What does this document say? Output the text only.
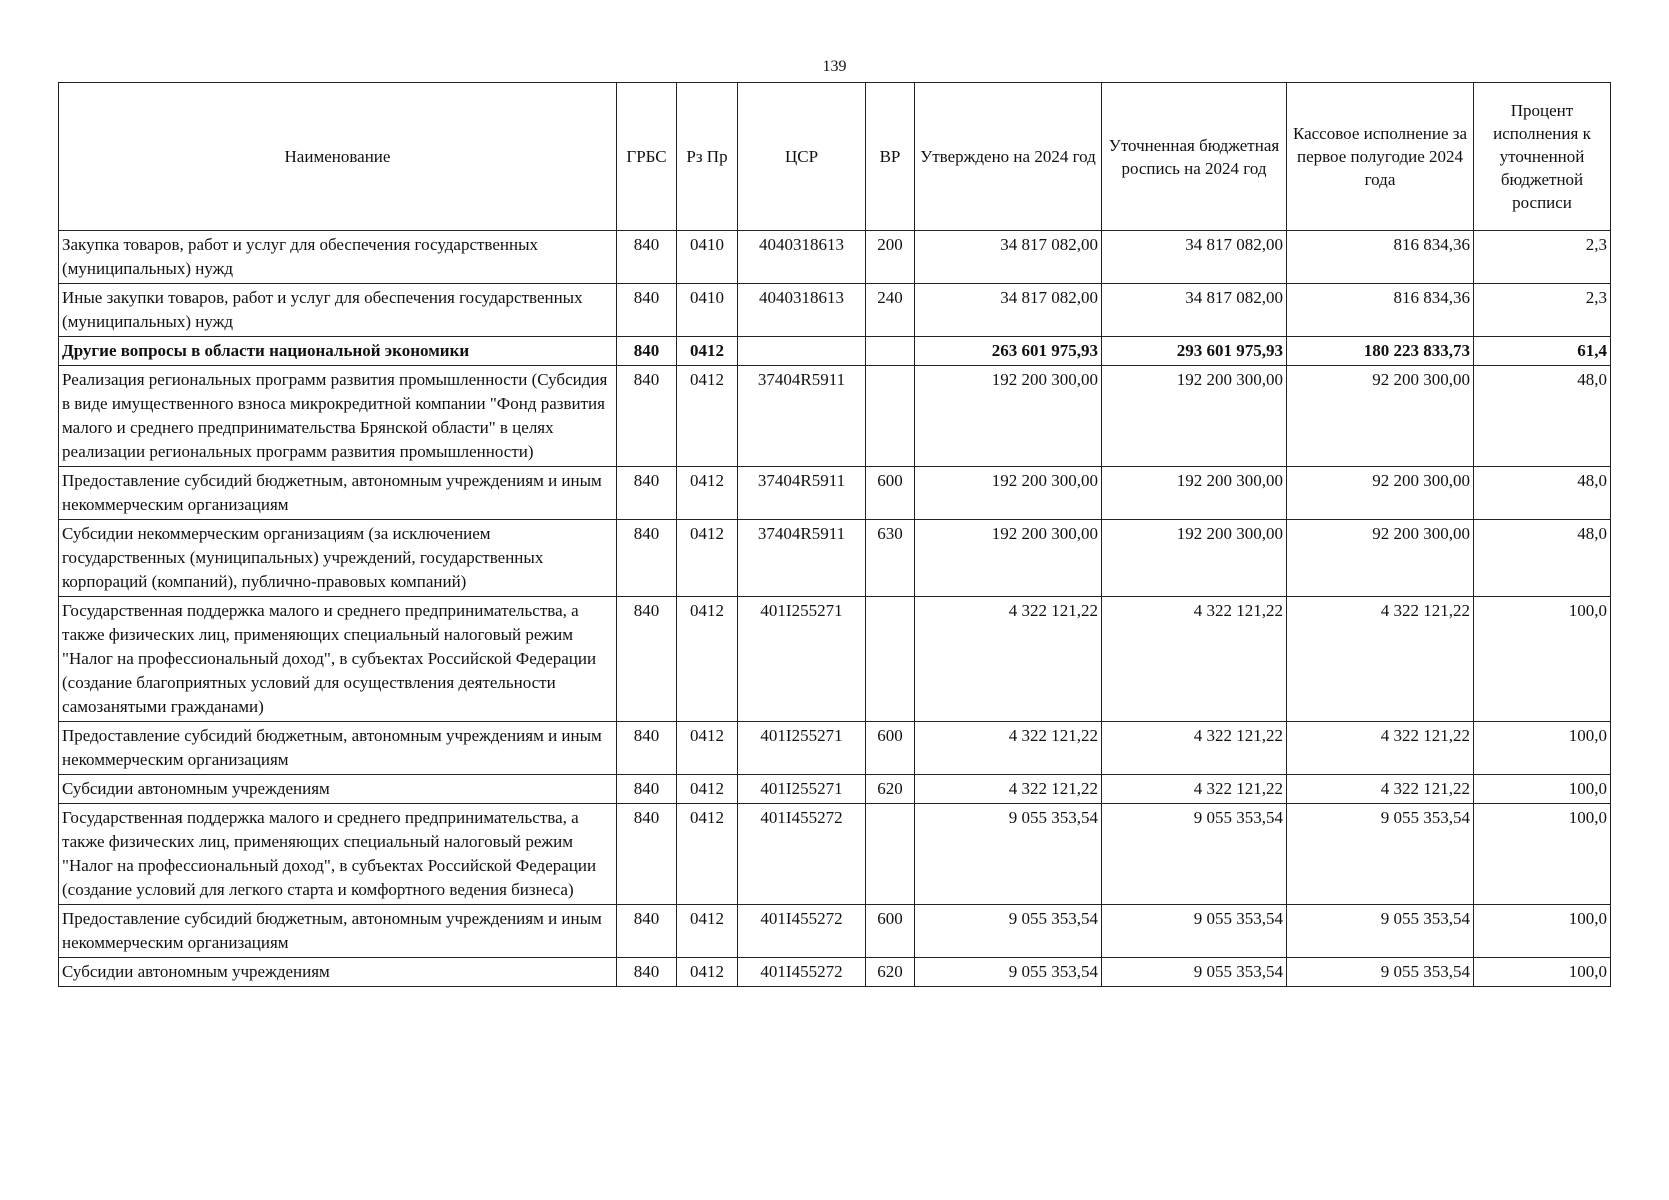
139
Наименование	ГРБС	Рз Пр	ЦСР	ВР	Утверждено на 2024 год	Уточненная бюджетная роспись на 2024 год	Кассовое исполнение за первое полугодие 2024 года	Процент исполнения к уточненной бюджетной росписи
Закупка товаров, работ и услуг для обеспечения государственных (муниципальных) нужд	840	0410	4040318613	200	34 817 082,00	34 817 082,00	816 834,36	2,3
Иные закупки товаров, работ и услуг для обеспечения государственных (муниципальных) нужд	840	0410	4040318613	240	34 817 082,00	34 817 082,00	816 834,36	2,3
Другие вопросы в области национальной экономики	840	0412			263 601 975,93	293 601 975,93	180 223 833,73	61,4
Реализация региональных программ развития промышленности (Субсидия в виде имущественного взноса микрокредитной компании "Фонд развития малого и среднего предпринимательства Брянской области" в целях реализации региональных программ развития промышленности)	840	0412	37404R5911		192 200 300,00	192 200 300,00	92 200 300,00	48,0
Предоставление субсидий бюджетным, автономным учреждениям и иным некоммерческим организациям	840	0412	37404R5911	600	192 200 300,00	192 200 300,00	92 200 300,00	48,0
Субсидии некоммерческим организациям (за исключением государственных (муниципальных) учреждений, государственных корпораций (компаний), публично-правовых компаний)	840	0412	37404R5911	630	192 200 300,00	192 200 300,00	92 200 300,00	48,0
Государственная поддержка малого и среднего предпринимательства, а также физических лиц, применяющих специальный налоговый режим "Налог на профессиональный доход", в субъектах Российской Федерации (создание благоприятных условий для осуществления деятельности самозанятыми гражданами)	840	0412	401I255271		4 322 121,22	4 322 121,22	4 322 121,22	100,0
Предоставление субсидий бюджетным, автономным учреждениям и иным некоммерческим организациям	840	0412	401I255271	600	4 322 121,22	4 322 121,22	4 322 121,22	100,0
Субсидии автономным учреждениям	840	0412	401I255271	620	4 322 121,22	4 322 121,22	4 322 121,22	100,0
Государственная поддержка малого и среднего предпринимательства, а также физических лиц, применяющих специальный налоговый режим "Налог на профессиональный доход", в субъектах Российской Федерации (создание условий для легкого старта и комфортного ведения бизнеса)	840	0412	401I455272		9 055 353,54	9 055 353,54	9 055 353,54	100,0
Предоставление субсидий бюджетным, автономным учреждениям и иным некоммерческим организациям	840	0412	401I455272	600	9 055 353,54	9 055 353,54	9 055 353,54	100,0
Субсидии автономным учреждениям	840	0412	401I455272	620	9 055 353,54	9 055 353,54	9 055 353,54	100,0
